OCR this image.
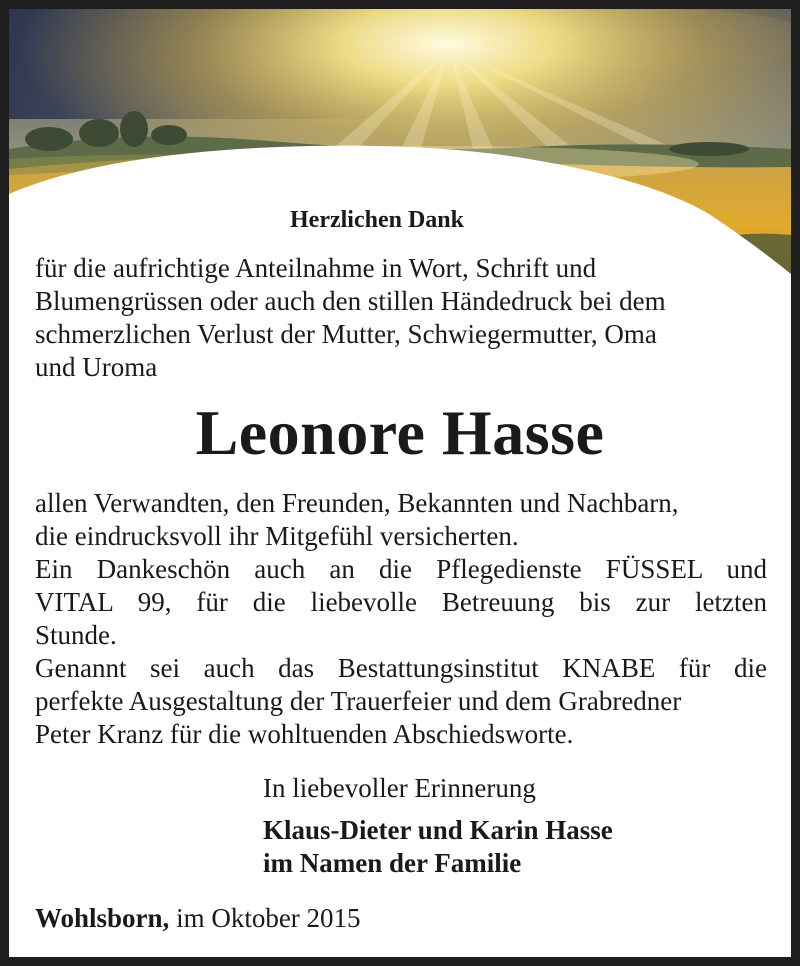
Herzlichen Dank
für die aufrichtige Anteilnahme in Wort, Schrift und
Blumengrüssen oder auch den stillen Händedruck bei dem
schmerzlichen Verlust der Mutter, Schwiegermutter, Oma
und Uroma
Leonore Hasse
allen Verwandten, den Freunden, Bekannten und Nachbarn,
die eindrucksvoll ihr Mitgefühl versicherten.
Ein Dankeschön auch an die Pflegedienste FÜSSEL und
VITAL 99, für die liebevolle Betreuung bis zur letzten
Stunde.
Genannt sei auch das Bestattungsinstitut KNABE für die
perfekte Ausgestaltung der Trauerfeier und dem Grabredner
Peter Kranz für die wohltuenden Abschiedsworte.
In liebevoller Erinnerung
Klaus-Dieter und Karin Hasse
im Namen der Familie
Wohlsborn, im Oktober 2015
